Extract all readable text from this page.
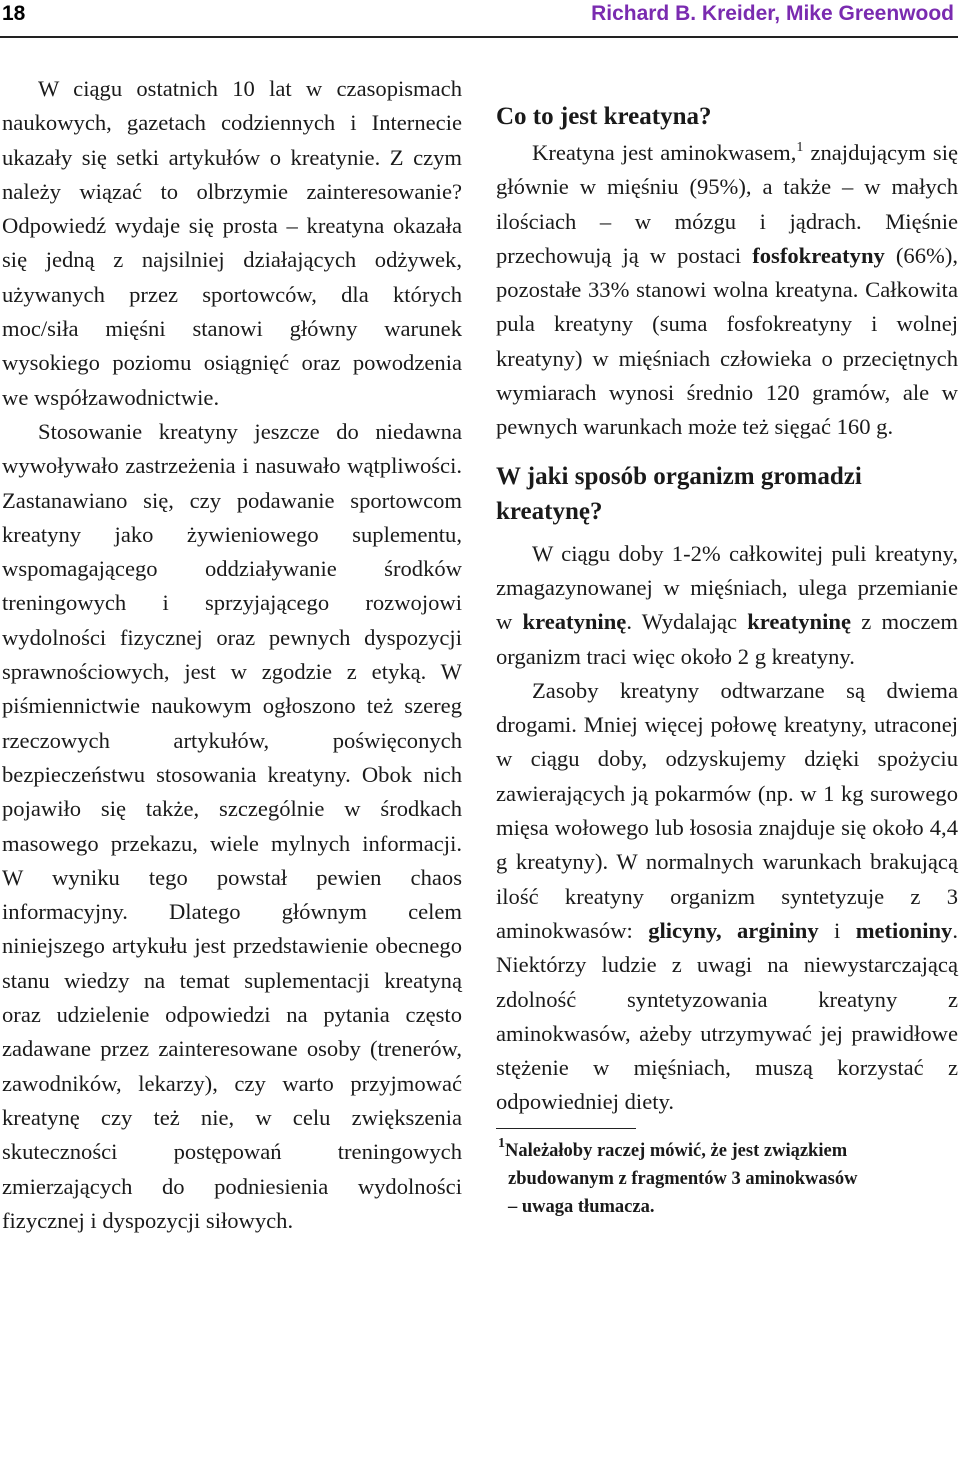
18	Richard B. Kreider, Mike Greenwood

W ciągu ostatnich 10 lat w czasopismach naukowych, gazetach codziennych i Internecie ukazały się setki artykułów o kreatynie. Z czym należy wiązać to olbrzymie zainteresowanie? Odpowiedź wydaje się prosta – kreatyna okazała się jedną z najsilniej działających odżywek, używanych przez sportowców, dla których moc/siła mięśni stanowi główny warunek wysokiego poziomu osiągnięć oraz powodzenia we współzawodnictwie.

Stosowanie kreatyny jeszcze do niedawna wywoływało zastrzeżenia i nasuwało wątpliwości. Zastanawiano się, czy podawanie sportowcom kreatyny jako żywieniowego suplementu, wspomagającego oddziaływanie środków treningowych i sprzyjającego rozwojowi wydolności fizycznej oraz pewnych dyspozycji sprawnościowych, jest w zgodzie z etyką. W piśmiennictwie naukowym ogłoszono też szereg rzeczowych artykułów, poświęconych bezpieczeństwu stosowania kreatyny. Obok nich pojawiło się także, szczególnie w środkach masowego przekazu, wiele mylnych informacji. W wyniku tego powstał pewien chaos informacyjny. Dlatego głównym celem niniejszego artykułu jest przedstawienie obecnego stanu wiedzy na temat suplementacji kreatyną oraz udzielenie odpowiedzi na pytania często zadawane przez zainteresowane osoby (trenerów, zawodników, lekarzy), czy warto przyjmować kreatynę czy też nie, w celu zwiększenia skuteczności postępowań treningowych zmierzających do podniesienia wydolności fizycznej i dyspozycji siłowych.

Co to jest kreatyna?

Kreatyna jest aminokwasem,$^1$ znajdującym się głównie w mięśniu (95%), a także – w małych ilościach – w mózgu i jądrach. Mięśnie przechowują ją w postaci fosfokreatyny (66%), pozostałe 33% stanowi wolna kreatyna. Całkowita pula kreatyny (suma fosfokreatyny i wolnej kreatyny) w mięśniach człowieka o przeciętnych wymiarach wynosi średnio 120 gramów, ale w pewnych warunkach może też sięgać 160 g.

W jaki sposób organizm gromadzi kreatynę?

W ciągu doby 1-2% całkowitej puli kreatyny, zmagazynowanej w mięśniach, ulega przemianie w kreatyninę. Wydalając kreatyninę z moczem organizm traci więc około 2 g kreatyny.

Zasoby kreatyny odtwarzane są dwiema drogami. Mniej więcej połowę kreatyny, utraconej w ciągu doby, odzyskujemy dzięki spożyciu zawierających ją pokarmów (np. w 1 kg surowego mięsa wołowego lub łososia znajduje się około 4,4 g kreatyny). W normalnych warunkach brakującą ilość kreatyny organizm syntetyzuje z 3 aminokwasów: glicyny, argininy i metioniny. Niektórzy ludzie z uwagi na niewystarczającą zdolność syntetyzowania kreatyny z aminokwasów, ażeby utrzymywać jej prawidłowe stężenie w mięśniach, muszą korzystać z odpowiedniej diety.

$^1$Należałoby raczej mówić, że jest związkiem
zbudowanym z fragmentów 3 aminokwasów
– uwaga tłumacza.
